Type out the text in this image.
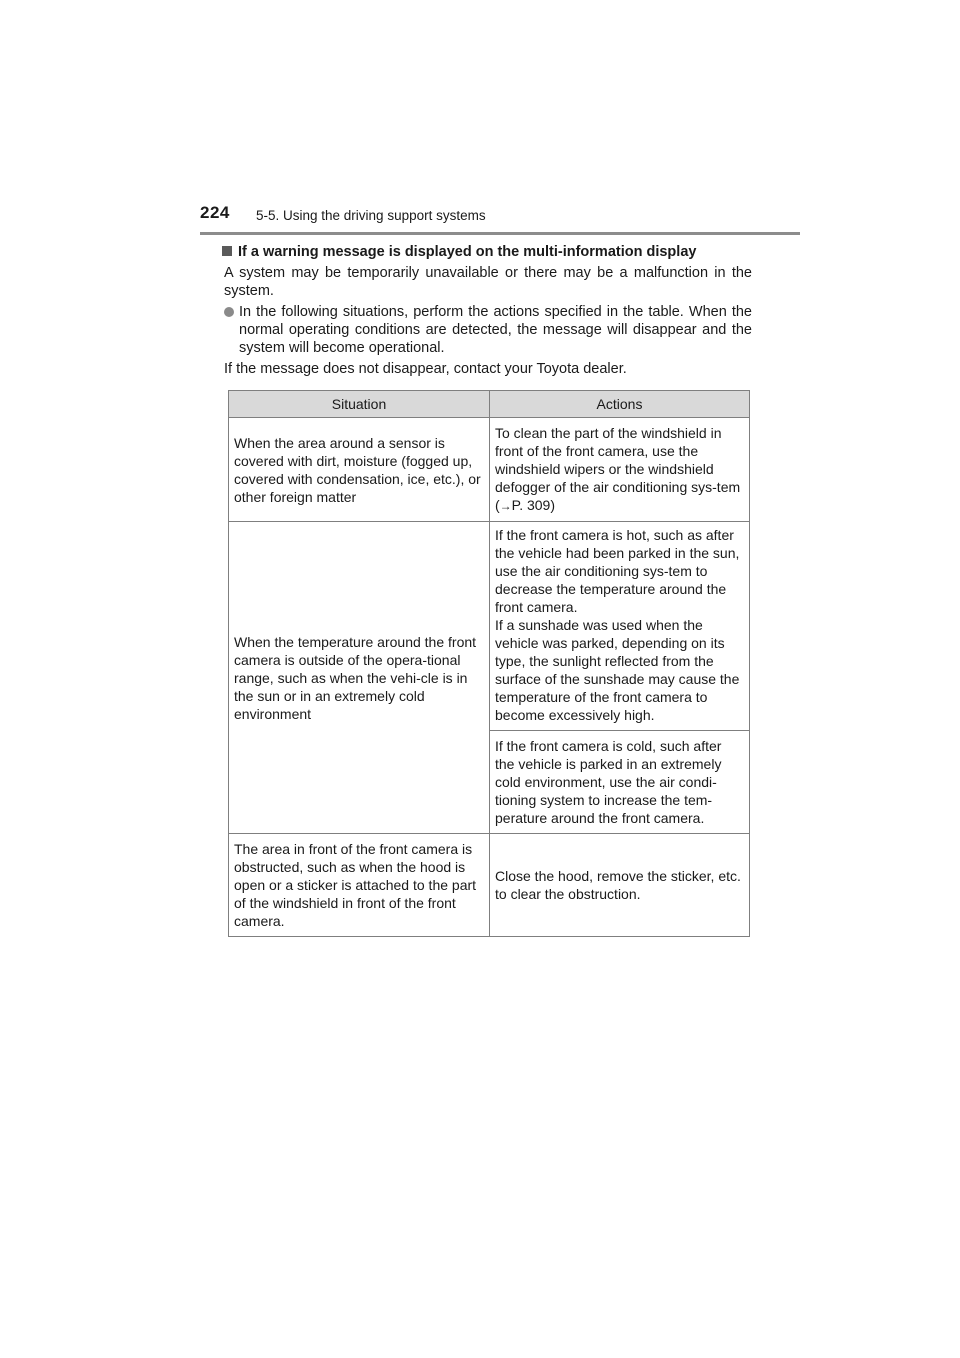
224 5-5. Using the driving support systems
If a warning message is displayed on the multi-information display
A system may be temporarily unavailable or there may be a malfunction in the system.
In the following situations, perform the actions specified in the table. When the normal operating conditions are detected, the message will disappear and the system will become operational.
If the message does not disappear, contact your Toyota dealer.
Situation	Actions
When the area around a sensor is covered with dirt, moisture (fogged up, covered with condensation, ice, etc.), or other foreign matter	To clean the part of the windshield in front of the front camera, use the windshield wipers or the windshield defogger of the air conditioning sys-tem (→P. 309)
When the temperature around the front camera is outside of the opera-tional range, such as when the vehi-cle is in the sun or in an extremely cold environment	If the front camera is hot, such as after the vehicle had been parked in the sun, use the air conditioning sys-tem to decrease the temperature around the front camera.
If a sunshade was used when the vehicle was parked, depending on its type, the sunlight reflected from the surface of the sunshade may cause the temperature of the front camera to become excessively high.

	If the front camera is cold, such after the vehicle is parked in an extremely cold environment, use the air condi-tioning system to increase the tem-perature around the front camera.
The area in front of the front camera is obstructed, such as when the hood is open or a sticker is attached to the part of the windshield in front of the front camera.	Close the hood, remove the sticker, etc. to clear the obstruction.
